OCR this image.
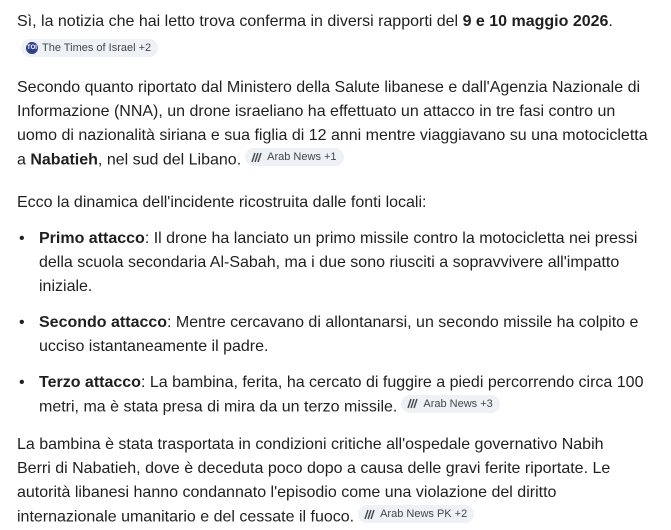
Sì, la notizia che hai letto trova conferma in diversi rapporti del 9 e 10 maggio 2026.
TOI The Times of Israel +2

Secondo quanto riportato dal Ministero della Salute libanese e dall'Agenzia Nazionale di Informazione (NNA), un drone israeliano ha effettuato un attacco in tre fasi contro un uomo di nazionalità siriana e sua figlia di 12 anni mentre viaggiavano su una motocicletta a Nabatieh, nel sud del Libano. Arab News +1

Ecco la dinamica dell'incidente ricostruita dalle fonti locali:

• Primo attacco: Il drone ha lanciato un primo missile contro la motocicletta nei pressi della scuola secondaria Al-Sabah, ma i due sono riusciti a sopravvivere all'impatto iniziale.
• Secondo attacco: Mentre cercavano di allontanarsi, un secondo missile ha colpito e ucciso istantaneamente il padre.
• Terzo attacco: La bambina, ferita, ha cercato di fuggire a piedi percorrendo circa 100 metri, ma è stata presa di mira da un terzo missile. Arab News +3

La bambina è stata trasportata in condizioni critiche all'ospedale governativo Nabih Berri di Nabatieh, dove è deceduta poco dopo a causa delle gravi ferite riportate. Le autorità libanesi hanno condannato l'episodio come una violazione del diritto internazionale umanitario e del cessate il fuoco. Arab News PK +2
